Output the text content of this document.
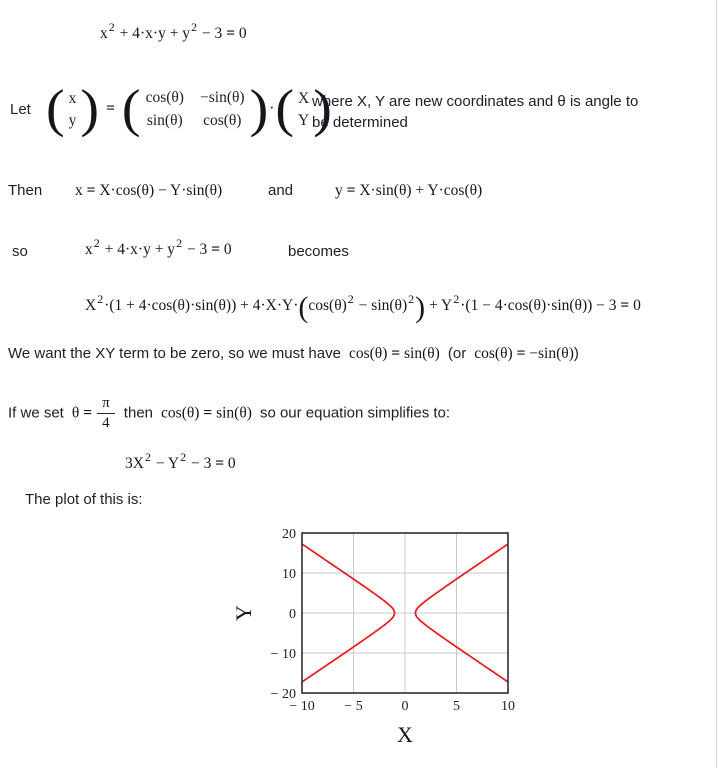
$x^2 + 4\cdot x\cdot y + y^2 - 3 = 0$
Let ( x
y ) = ( cos(θ) −sin(θ)
sin(θ) cos(θ) ) · ( X
Y )
where X, Y are new coordinates and θ is angle to
be determined
Then x = X·cos(θ) − Y·sin(θ)	and	y = X·sin(θ) + Y·cos(θ)
so	$x^2 + 4\cdot x\cdot y + y^2 - 3 = 0$	becomes
$X^2\cdot(1 + 4\cdot\cos(\theta)\cdot\sin(\theta)) + 4\cdot X\cdot Y\cdot(\cos(\theta)^2 - \sin(\theta)^2) + Y^2\cdot(1 - 4\cdot\cos(\theta)\cdot\sin(\theta)) - 3 = 0$
We want the XY term to be zero, so we must have  cos(θ) = sin(θ)  (or  cos(θ) = −sin(θ))
If we set  $\theta = \frac{\pi}{4}$ then  cos(θ) = sin(θ)  so our equation simplifies to:
$3X^2 - Y^2 - 3 = 0$
The plot of this is:
− 10 − 5	0	5	10
− 20
− 10
0
10
20
X
Y
